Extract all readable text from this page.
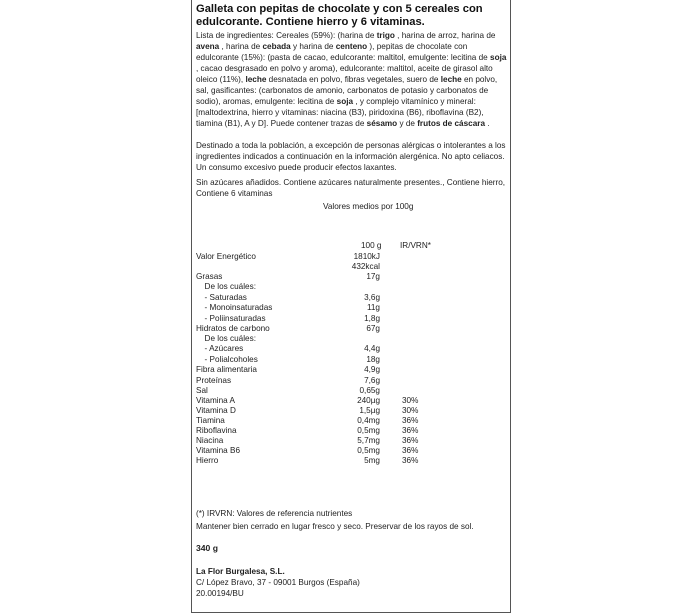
Galleta con pepitas de chocolate y con 5 cereales con edulcorante. Contiene hierro y 6 vitaminas.
Lista de ingredientes: Cereales (59%): (harina de trigo , harina de arroz, harina de avena , harina de cebada y harina de centeno ), pepitas de chocolate con edulcorante (15%): (pasta de cacao, edulcorante: maltitol, emulgente: lecitina de soja , cacao desgrasado en polvo y aroma), edulcorante: maltitol, aceite de girasol alto oleico (11%), leche desnatada en polvo, fibras vegetales, suero de leche en polvo, sal, gasificantes: (carbonatos de amonio, carbonatos de potasio y carbonatos de sodio), aromas, emulgente: lecitina de soja , y complejo vitamínico y mineral: [maltodextrina, hierro y vitaminas: niacina (B3), piridoxina (B6), riboflavina (B2), tiamina (B1), A y D]. Puede contener trazas de sésamo y de frutos de cáscara .
Destinado a toda la población, a excepción de personas alérgicas o intolerantes a los ingredientes indicados a continuación en la información alergénica. No apto celiacos. Un consumo excesivo puede producir efectos laxantes.
Sin azúcares añadidos. Contiene azúcares naturalmente presentes., Contiene hierro, Contiene 6 vitaminas
Valores medios por 100g
100 g IR/VRN*
Valor Energético	1810kJ
432kcal
Grasas	17g
De los cuáles:
- Saturadas	3,6g
- Monoinsaturadas	11g
- Poliinsaturadas	1,8g
Hidratos de carbono	67g
De los cuáles:
- Azúcares	4,4g
- Polialcoholes	18g
Fibra alimentaria	4,9g
Proteínas	7,6g
Sal	0,65g
Vitamina A	240µg	30%
Vitamina D	1,5µg	30%
Tiamina	0,4mg	36%
Riboflavina	0,5mg	36%
Niacina	5,7mg	36%
Vitamina B6	0,5mg	36%
Hierro	5mg	36%
(*) IRVRN: Valores de referencia nutrientes
Mantener bien cerrado en lugar fresco y seco. Preservar de los rayos de sol.
340 g
La Flor Burgalesa, S.L.
C/ López Bravo, 37 - 09001 Burgos (España)
20.00194/BU
